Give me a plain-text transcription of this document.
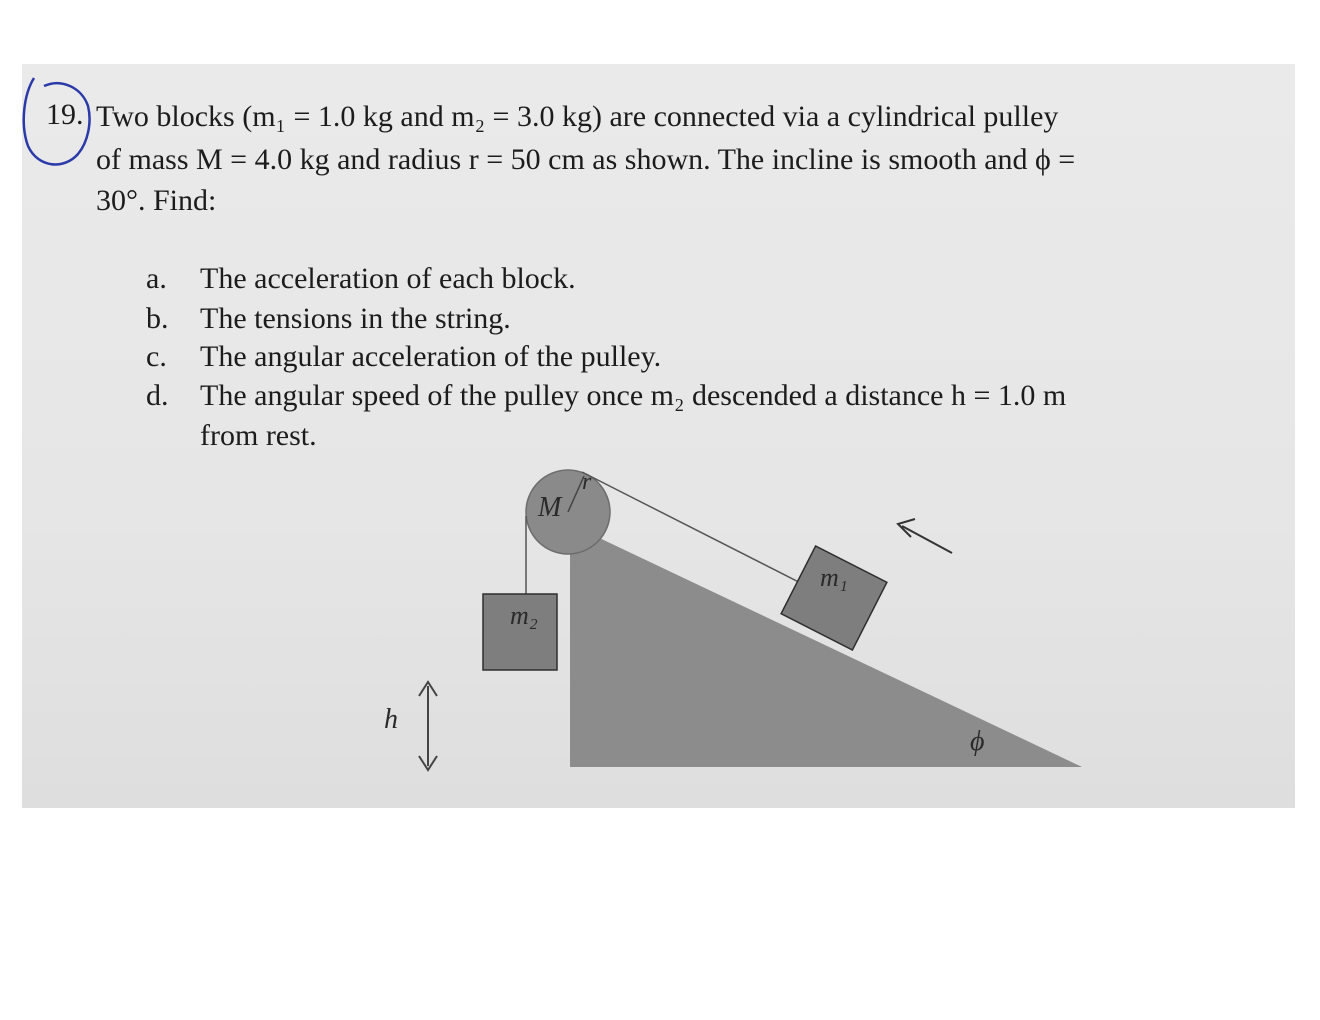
19. Two blocks (m₁ = 1.0 kg and m₂ = 3.0 kg) are connected via a cylindrical pulley
of mass M = 4.0 kg and radius r = 50 cm as shown. The incline is smooth and ϕ =
30°. Find:
a. The acceleration of each block.
b. The tensions in the string.
c. The angular acceleration of the pulley.
d. The angular speed of the pulley once m₂ descended a distance h = 1.0 m
from rest.
M
r
m₁
m₂
h
ϕ
